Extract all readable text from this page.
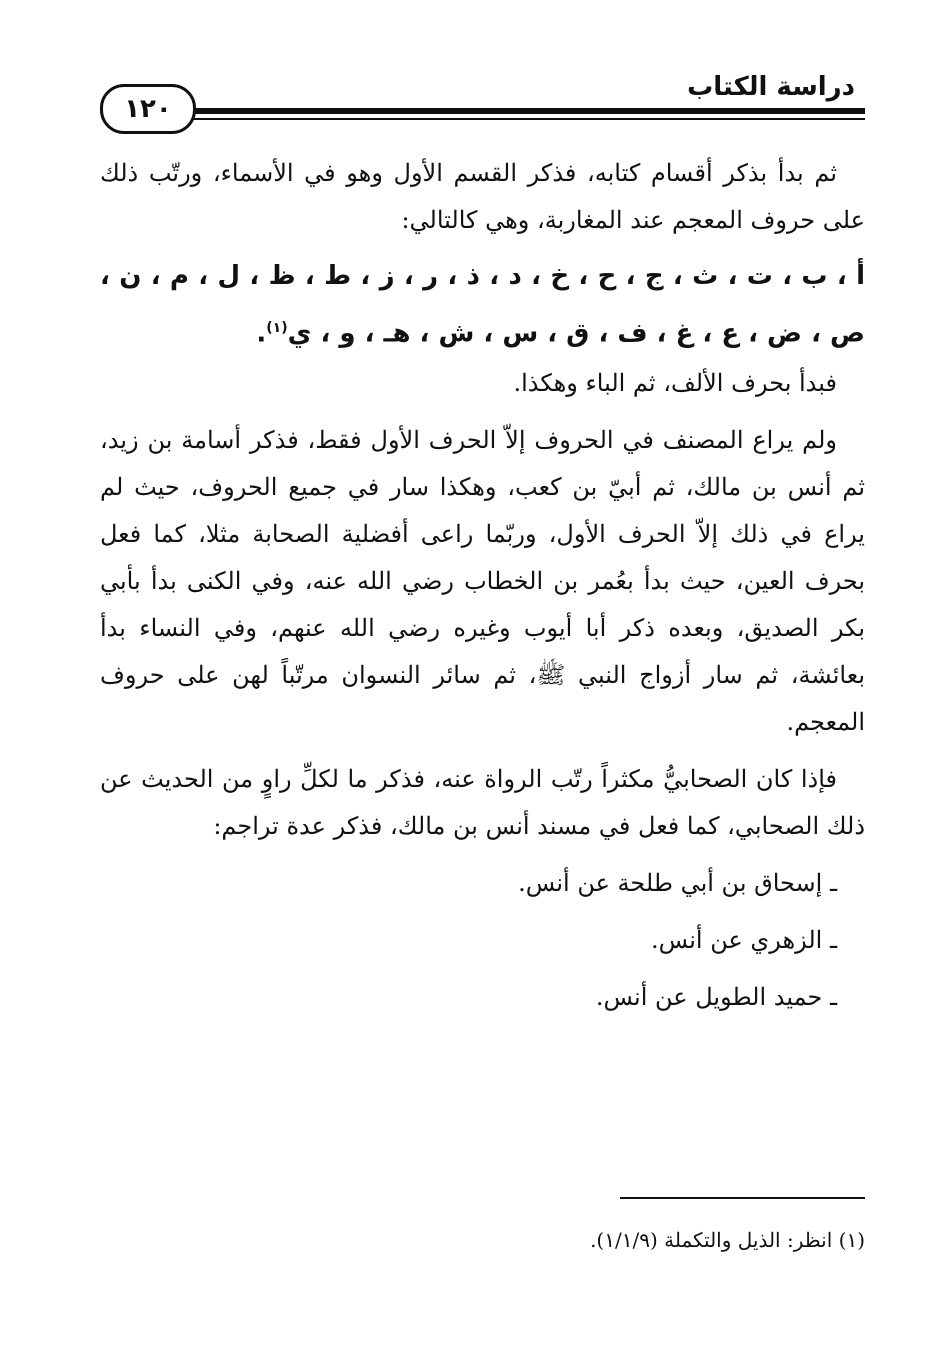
١٢٠
دراسة الكتاب

ثم بدأ بذكر أقسام كتابه، فذكر القسم الأول وهو في الأسماء، ورتّب ذلك على حروف المعجم عند المغاربة، وهي كالتالي:

أ ، ب ، ت ، ث ، ج ، ح ، خ ، د ، ذ ، ر ، ز ، ط ، ظ ، ل ، م ، ن ، ص ، ض ، ع ، غ ، ف ، ق ، س ، ش ، هـ ، و ، ي$^{(١)}$.

فبدأ بحرف الألف، ثم الباء وهكذا.

ولم يراع المصنف في الحروف إلاّ الحرف الأول فقط، فذكر أسامة بن زيد، ثم أنس بن مالك، ثم أبيّ بن كعب، وهكذا سار في جميع الحروف، حيث لم يراع في ذلك إلاّ الحرف الأول، وربّما راعى أفضلية الصحابة مثلا، كما فعل بحرف العين، حيث بدأ بعُمر بن الخطاب رضي الله عنه، وفي الكنى بدأ بأبي بكر الصديق، وبعده ذكر أبا أيوب وغيره رضي الله عنهم، وفي النساء بدأ بعائشة، ثم سار أزواج النبي ﷺ، ثم سائر النسوان مرتّباً لهن على حروف المعجم.

فإذا كان الصحابيُّ مكثراً رتّب الرواة عنه، فذكر ما لكلِّ راوٍ من الحديث عن ذلك الصحابي، كما فعل في مسند أنس بن مالك، فذكر عدة تراجم:

ـ إسحاق بن أبي طلحة عن أنس.

ـ الزهري عن أنس.

ـ حميد الطويل عن أنس.

(١) انظر: الذيل والتكملة (١/١/٩).
